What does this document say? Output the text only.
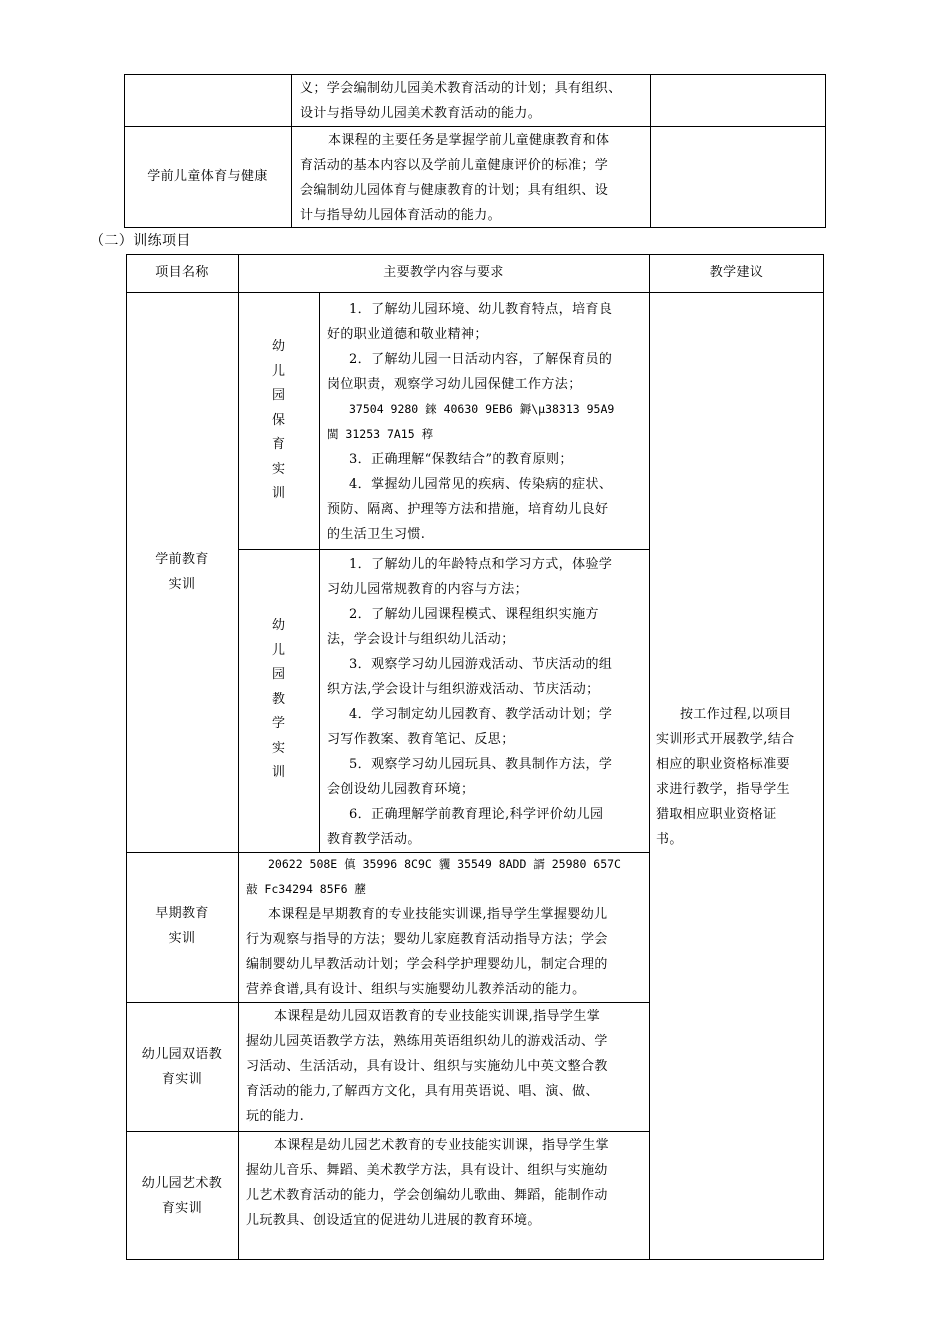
义；学会编制幼儿园美术教育活动的计划；具有组织、

设计与指导幼儿园美术教育活动的能力。

学前儿童体育与健康

本课程的主要任务是掌握学前儿童健康教育和体

育活动的基本内容以及学前儿童健康评价的标准；学

会编制幼儿园体育与健康教育的计划；具有组织、设

计与指导幼儿园体育活动的能力。

（二）训练项目

项目名称	主要教学内容与要求	教学建议

学前教育

实训

幼
儿
园
保
育
实
训

1．了解幼儿园环境、幼儿教育特点，培育良

好的职业道德和敬业精神；

2．了解幼儿园一日活动内容，了解保育员的

岗位职责，观察学习幼儿园保健工作方法；

37504 9280 錸 40630 9EB6 鎒\μ38313 95A9

閩 31253 7A15 稕

3．正确理解“保教结合”的教育原则；

4．掌握幼儿园常见的疾病、传染病的症状、

预防、隔离、护理等方法和措施，培育幼儿良好

的生活卫生习惯.

幼
儿
园
教
学
实
训

1．了解幼儿的年龄特点和学习方式，体验学

习幼儿园常规教育的内容与方法；

2．了解幼儿园课程模式、课程组织实施方

法，学会设计与组织幼儿活动；

3．观察学习幼儿园游戏活动、节庆活动的组

织方法,学会设计与组织游戏活动、节庆活动；

4．学习制定幼儿园教育、教学活动计划；学

习写作教案、教育笔记、反思；

5．观察学习幼儿园玩具、教具制作方法，学

会创设幼儿园教育环境；

6．正确理解学前教育理论,科学评价幼儿园

教育教学活动。

早期教育

实训

20622 508E 傎 35996 8C9C 貜 35549 8ADD 諝 25980 657C

敼 Fc34294 85F6 藶

本课程是早期教育的专业技能实训课,指导学生掌握婴幼儿

行为观察与指导的方法；婴幼儿家庭教育活动指导方法；学会

编制婴幼儿早教活动计划；学会科学护理婴幼儿，制定合理的

营养食谱,具有设计、组织与实施婴幼儿教养活动的能力。

幼儿园双语教

育实训

本课程是幼儿园双语教育的专业技能实训课,指导学生掌

握幼儿园英语教学方法，熟练用英语组织幼儿的游戏活动、学

习活动、生活活动，具有设计、组织与实施幼儿中英文整合教

育活动的能力,了解西方文化，具有用英语说、唱、演、做、

玩的能力.

幼儿园艺术教

育实训

本课程是幼儿园艺术教育的专业技能实训课，指导学生掌

握幼儿音乐、舞蹈、美术教学方法，具有设计、组织与实施幼

儿艺术教育活动的能力，学会创编幼儿歌曲、舞蹈，能制作动

儿玩教具、创设适宜的促进幼儿进展的教育环境。

按工作过程,以项目

实训形式开展教学,结合

相应的职业资格标准要

求进行教学，指导学生

猎取相应职业资格证

书。
